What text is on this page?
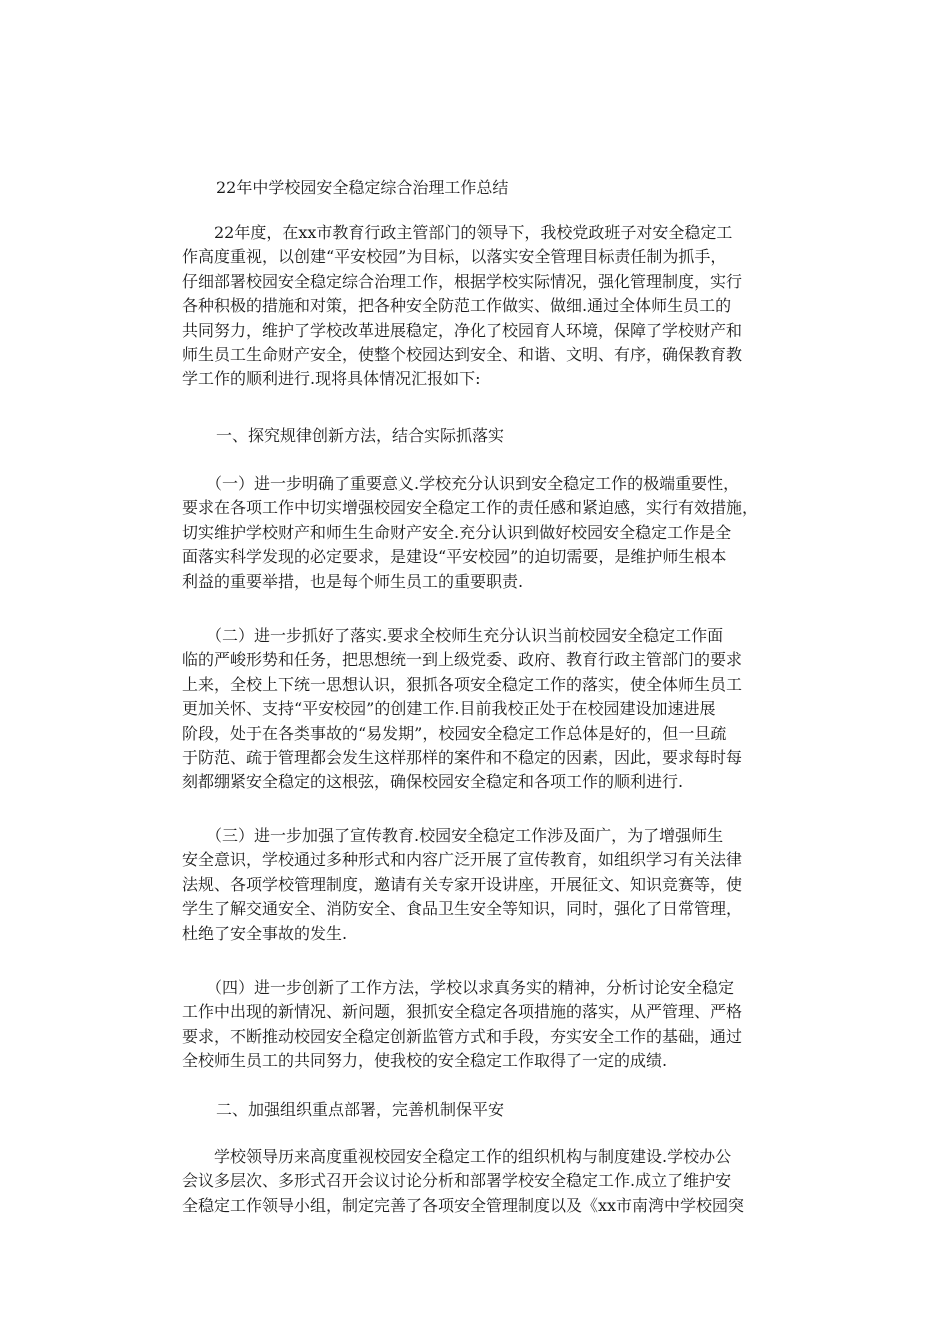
22年中学校园安全稳定综合治理工作总结
　　22年度，在xx市教育行政主管部门的领导下，我校党政班子对安全稳定工
作高度重视，以创建“平安校园”为目标，以落实安全管理目标责任制为抓手，
仔细部署校园安全稳定综合治理工作，根据学校实际情况，强化管理制度，实行
各种积极的措施和对策，把各种安全防范工作做实、做细.通过全体师生员工的
共同努力，维护了学校改革进展稳定，净化了校园育人环境，保障了学校财产和
师生员工生命财产安全，使整个校园达到安全、和谐、文明、有序，确保教育教
学工作的顺利进行.现将具体情况汇报如下:
一、探究规律创新方法，结合实际抓落实
　　（一）进一步明确了重要意义.学校充分认识到安全稳定工作的极端重要性，
要求在各项工作中切实增强校园安全稳定工作的责任感和紧迫感，实行有效措施，
切实维护学校财产和师生生命财产安全.充分认识到做好校园安全稳定工作是全
面落实科学发现的必定要求，是建设“平安校园”的迫切需要，是维护师生根本
利益的重要举措，也是每个师生员工的重要职责.
　　（二）进一步抓好了落实.要求全校师生充分认识当前校园安全稳定工作面
临的严峻形势和任务，把思想统一到上级党委、政府、教育行政主管部门的要求
上来，全校上下统一思想认识，狠抓各项安全稳定工作的落实，使全体师生员工
更加关怀、支持“平安校园”的创建工作.目前我校正处于在校园建设加速进展
阶段，处于在各类事故的“易发期”，校园安全稳定工作总体是好的，但一旦疏
于防范、疏于管理都会发生这样那样的案件和不稳定的因素，因此，要求每时每
刻都绷紧安全稳定的这根弦，确保校园安全稳定和各项工作的顺利进行.
　　（三）进一步加强了宣传教育.校园安全稳定工作涉及面广，为了增强师生
安全意识，学校通过多种形式和内容广泛开展了宣传教育，如组织学习有关法律
法规、各项学校管理制度，邀请有关专家开设讲座，开展征文、知识竞赛等，使
学生了解交通安全、消防安全、食品卫生安全等知识，同时，强化了日常管理，
杜绝了安全事故的发生.
　　（四）进一步创新了工作方法，学校以求真务实的精神，分析讨论安全稳定
工作中出现的新情况、新问题，狠抓安全稳定各项措施的落实，从严管理、严格
要求，不断推动校园安全稳定创新监管方式和手段，夯实安全工作的基础，通过
全校师生员工的共同努力，使我校的安全稳定工作取得了一定的成绩.
二、加强组织重点部署，完善机制保平安
　　学校领导历来高度重视校园安全稳定工作的组织机构与制度建设.学校办公
会议多层次、多形式召开会议讨论分析和部署学校安全稳定工作.成立了维护安
全稳定工作领导小组，制定完善了各项安全管理制度以及《xx市南湾中学校园突
